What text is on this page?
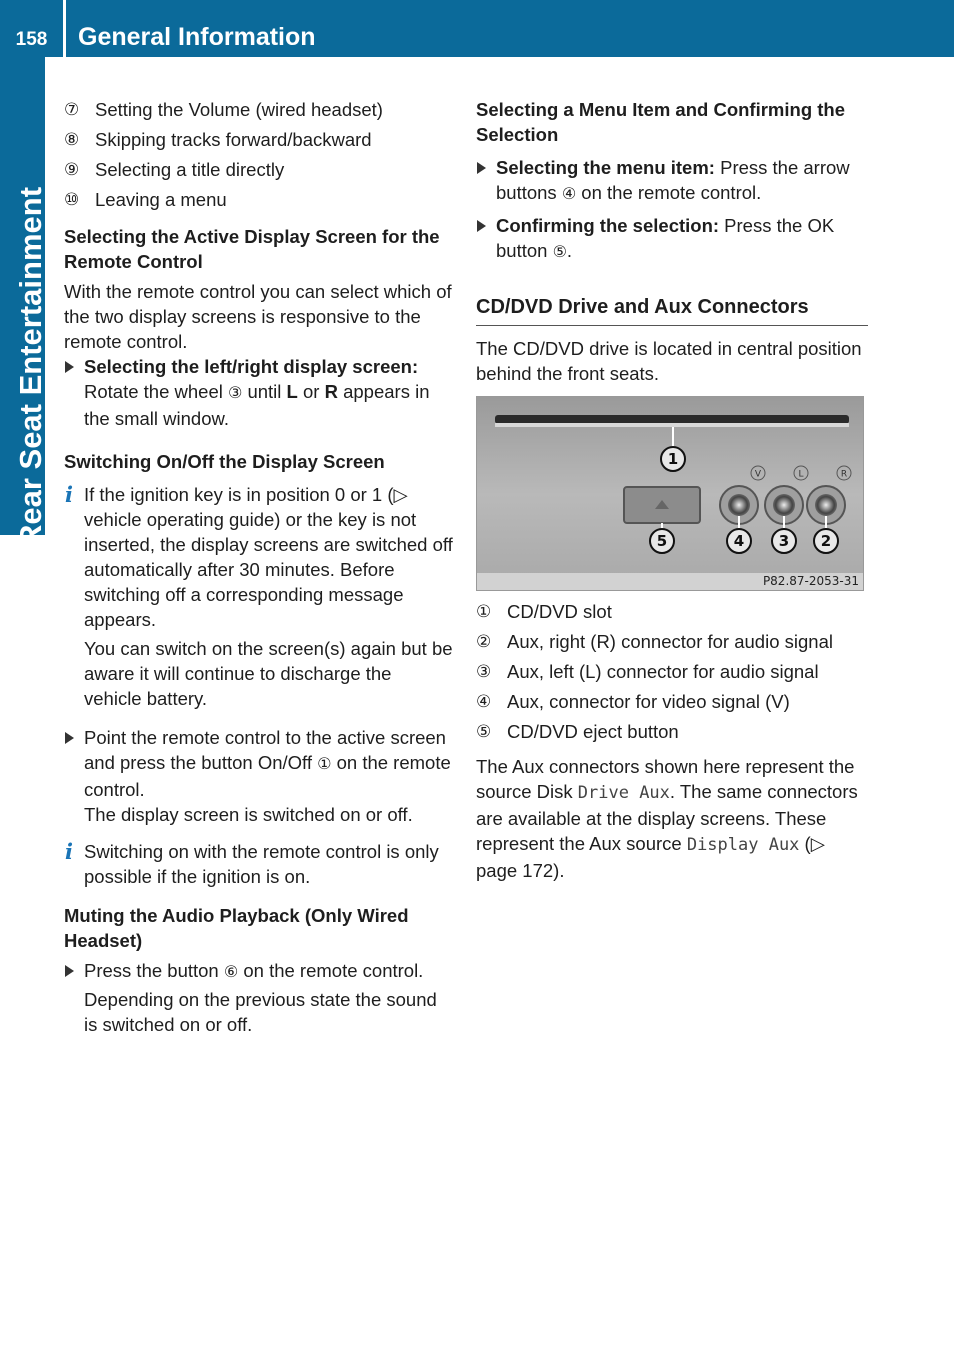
158	General Information
Rear Seat Entertainment
⑦ Setting the Volume (wired headset)
⑧ Skipping tracks forward/backward
⑨ Selecting a title directly
⑩ Leaving a menu
Selecting the Active Display Screen for the Remote Control

With the remote control you can select which of the two display screens is responsive to the remote control.

Selecting the left/right display screen:
Rotate the wheel ③ until L or R appears in the small window.
Switching On/Off the Display Screen
i If the ignition key is in position 0 or 1 (▷ vehicle operating guide) or the key is not inserted, the display screens are switched off automatically after 30 minutes. Before switching off a corresponding message appears.

You can switch on the screen(s) again but be aware it will continue to discharge the vehicle battery.

Point the remote control to the active screen and press the button On/Off ① on the remote control.
The display screen is switched on or off.
i Switching on with the remote control is only possible if the ignition is on.

Muting the Audio Playback (Only Wired Headset)
Press the button ⑥ on the remote control.

Depending on the previous state the sound is switched on or off.

Selecting a Menu Item and Confirming the Selection
Selecting the menu item: Press the arrow buttons ④ on the remote control.
Confirming the selection: Press the OK button ⑤.
CD/DVD Drive and Aux Connectors

The CD/DVD drive is located in central position behind the front seats.

V	L	R
1
5	4 3 2
P82.87-2053-31
① CD/DVD slot
② Aux, right (R) connector for audio signal
③ Aux, left (L) connector for audio signal
④ Aux, connector for video signal (V)
⑤ CD/DVD eject button

The Aux connectors shown here represent the source Disk Drive Aux. The same connectors are available at the display screens. These represent the Aux source Display Aux (▷ page 172).
